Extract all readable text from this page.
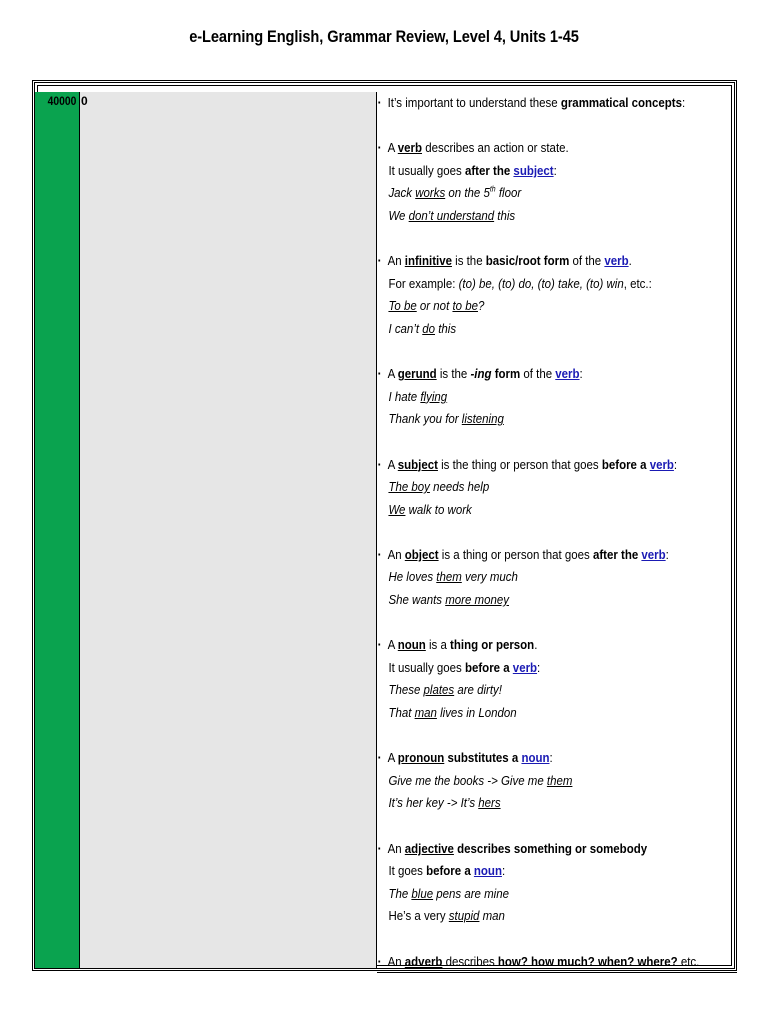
e-Learning English, Grammar Review, Level 4, Units 1-45
40000 0	▪ It’s important to understand these grammatical concepts:

▪ A verb describes an action or state.

It usually goes after the subject:

Jack works on the 5th floor

We don’t understand this

▪ An infinitive is the basic/root form of the verb.

For example: (to) be, (to) do, (to) take, (to) win, etc.:

To be or not to be?

I can’t do this

▪ A gerund is the -ing form of the verb:

I hate flying

Thank you for listening

▪ A subject is the thing or person that goes before a verb:

The boy needs help

We walk to work

▪ An object is a thing or person that goes after the verb:

He loves them very much

She wants more money

▪ A noun is a thing or person.

It usually goes before a verb:

These plates are dirty!

That man lives in London

▪ A pronoun substitutes a noun:

Give me the books -> Give me them

It’s her key -> It’s hers

▪ An adjective describes something or somebody

It goes before a noun:

The blue pens are mine

He’s a very stupid man

▪ An adverb describes how? how much? when? where? etc.
